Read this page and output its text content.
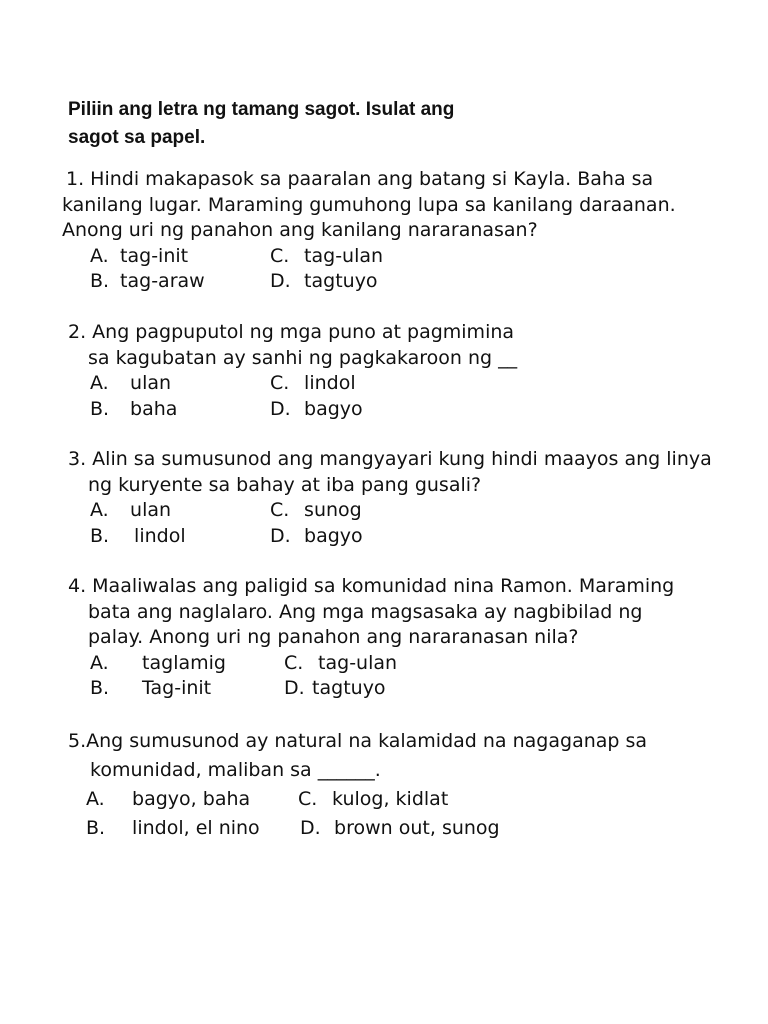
Piliin ang letra ng tamang sagot. Isulat ang
sagot sa papel.
1. Hindi makapasok sa paaralan ang batang si Kayla. Baha sa
kanilang lugar. Maraming gumuhong lupa sa kanilang daraanan.
Anong uri ng panahon ang kanilang nararanasan?
A. tag-init	C. tag-ulan
B. tag-araw	D. tagtuyo
2. Ang pagpuputol ng mga puno at pagmimina
sa kagubatan ay sanhi ng pagkakaroon ng __
A. ulan	C. lindol
B. baha	D. bagyo
3. Alin sa sumusunod ang mangyayari kung hindi maayos ang linya
ng kuryente sa bahay at iba pang gusali?
A. ulan	C. sunog
B. lindol	D. bagyo
4. Maaliwalas ang paligid sa komunidad nina Ramon. Maraming
bata ang naglalaro. Ang mga magsasaka ay nagbibilad ng
palay. Anong uri ng panahon ang nararanasan nila?
A. taglamig	C. tag-ulan
B. Tag-init	D. tagtuyo
5.Ang sumusunod ay natural na kalamidad na nagaganap sa
komunidad, maliban sa ______.
A. bagyo, baha	C. kulog, kidlat
B. lindol, el nino D. brown out, sunog
